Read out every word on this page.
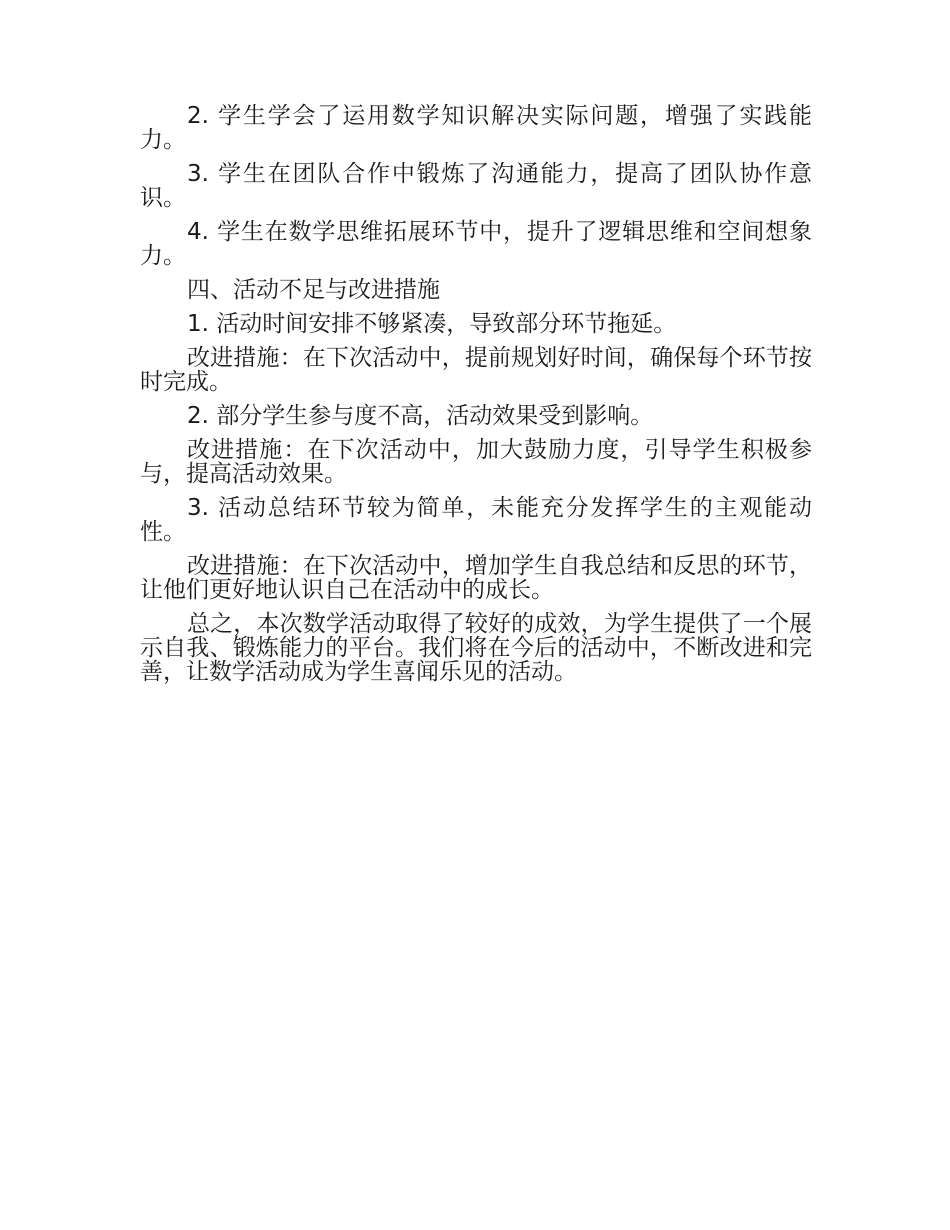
2. 学生学会了运用数学知识解决实际问题，增强了实践能力。

3. 学生在团队合作中锻炼了沟通能力，提高了团队协作意识。

4. 学生在数学思维拓展环节中，提升了逻辑思维和空间想象力。

四、活动不足与改进措施

1. 活动时间安排不够紧凑，导致部分环节拖延。

改进措施：在下次活动中，提前规划好时间，确保每个环节按时完成。

2. 部分学生参与度不高，活动效果受到影响。

改进措施：在下次活动中，加大鼓励力度，引导学生积极参与，提高活动效果。

3. 活动总结环节较为简单，未能充分发挥学生的主观能动性。

改进措施：在下次活动中，增加学生自我总结和反思的环节，让他们更好地认识自己在活动中的成长。

总之，本次数学活动取得了较好的成效，为学生提供了一个展示自我、锻炼能力的平台。我们将在今后的活动中，不断改进和完善，让数学活动成为学生喜闻乐见的活动。
